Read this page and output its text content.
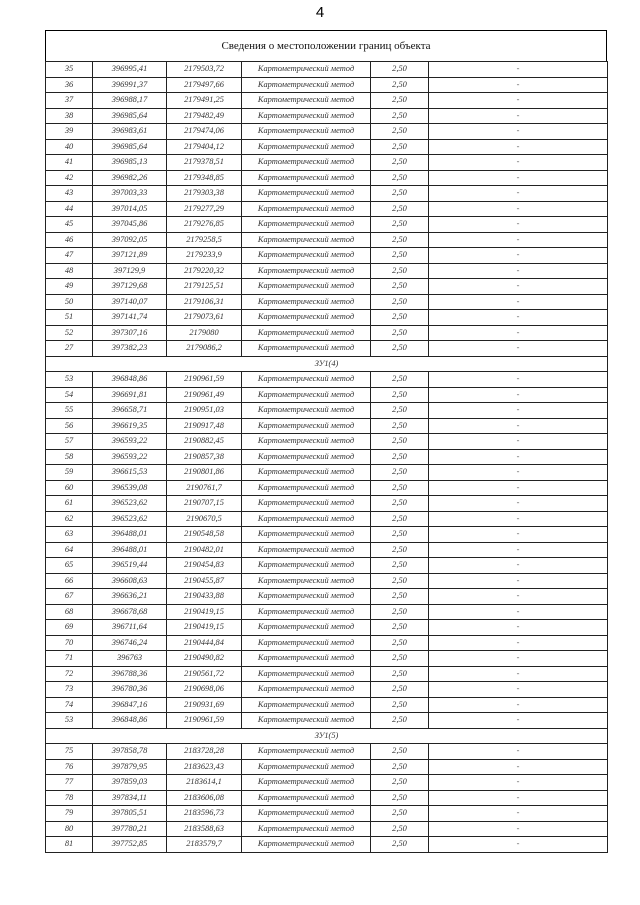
4
Сведения о местоположении границ объекта
35	396995,41	2179503,72	Картометрический метод	2,50	-
36	396991,37	2179497,66	Картометрический метод	2,50	-
37	396988,17	2179491,25	Картометрический метод	2,50	-
38	396985,64	2179482,49	Картометрический метод	2,50	-
39	396983,61	2179474,06	Картометрический метод	2,50	-
40	396985,64	2179404,12	Картометрический метод	2,50	-
41	396985,13	2179378,51	Картометрический метод	2,50	-
42	396982,26	2179348,85	Картометрический метод	2,50	-
43	397003,33	2179303,38	Картометрический метод	2,50	-
44	397014,05	2179277,29	Картометрический метод	2,50	-
45	397045,86	2179276,85	Картометрический метод	2,50	-
46	397092,05	2179258,5	Картометрический метод	2,50	-
47	397121,89	2179233,9	Картометрический метод	2,50	-
48	397129,9	2179220,32	Картометрический метод	2,50	-
49	397129,68	2179125,51	Картометрический метод	2,50	-
50	397140,07	2179106,31	Картометрический метод	2,50	-
51	397141,74	2179073,61	Картометрический метод	2,50	-
52	397307,16	2179080	Картометрический метод	2,50	-
27	397382,23	2179086,2	Картометрический метод	2,50	-
ЗУ1(4)					
53	396848,86	2190961,59	Картометрический метод	2,50	-
54	396691,81	2190961,49	Картометрический метод	2,50	-
55	396658,71	2190951,03	Картометрический метод	2,50	-
56	396619,35	2190917,48	Картометрический метод	2,50	-
57	396593,22	2190882,45	Картометрический метод	2,50	-
58	396593,22	2190857,38	Картометрический метод	2,50	-
59	396615,53	2190801,86	Картометрический метод	2,50	-
60	396539,08	2190761,7	Картометрический метод	2,50	-
61	396523,62	2190707,15	Картометрический метод	2,50	-
62	396523,62	2190670,5	Картометрический метод	2,50	-
63	396488,01	2190548,58	Картометрический метод	2,50	-
64	396488,01	2190482,01	Картометрический метод	2,50	-
65	396519,44	2190454,83	Картометрический метод	2,50	-
66	396608,63	2190455,87	Картометрический метод	2,50	-
67	396636,21	2190433,88	Картометрический метод	2,50	-
68	396678,68	2190419,15	Картометрический метод	2,50	-
69	396711,64	2190419,15	Картометрический метод	2,50	-
70	396746,24	2190444,84	Картометрический метод	2,50	-
71	396763	2190490,82	Картометрический метод	2,50	-
72	396788,36	2190561,72	Картометрический метод	2,50	-
73	396780,36	2190698,06	Картометрический метод	2,50	-
74	396847,16	2190931,69	Картометрический метод	2,50	-
53	396848,86	2190961,59	Картометрический метод	2,50	-
ЗУ1(5)					
75	397858,78	2183728,28	Картометрический метод	2,50	-
76	397879,95	2183623,43	Картометрический метод	2,50	-
77	397859,03	2183614,1	Картометрический метод	2,50	-
78	397834,11	2183606,08	Картометрический метод	2,50	-
79	397805,51	2183596,73	Картометрический метод	2,50	-
80	397780,21	2183588,63	Картометрический метод	2,50	-
81	397752,85	2183579,7	Картометрический метод	2,50	-
